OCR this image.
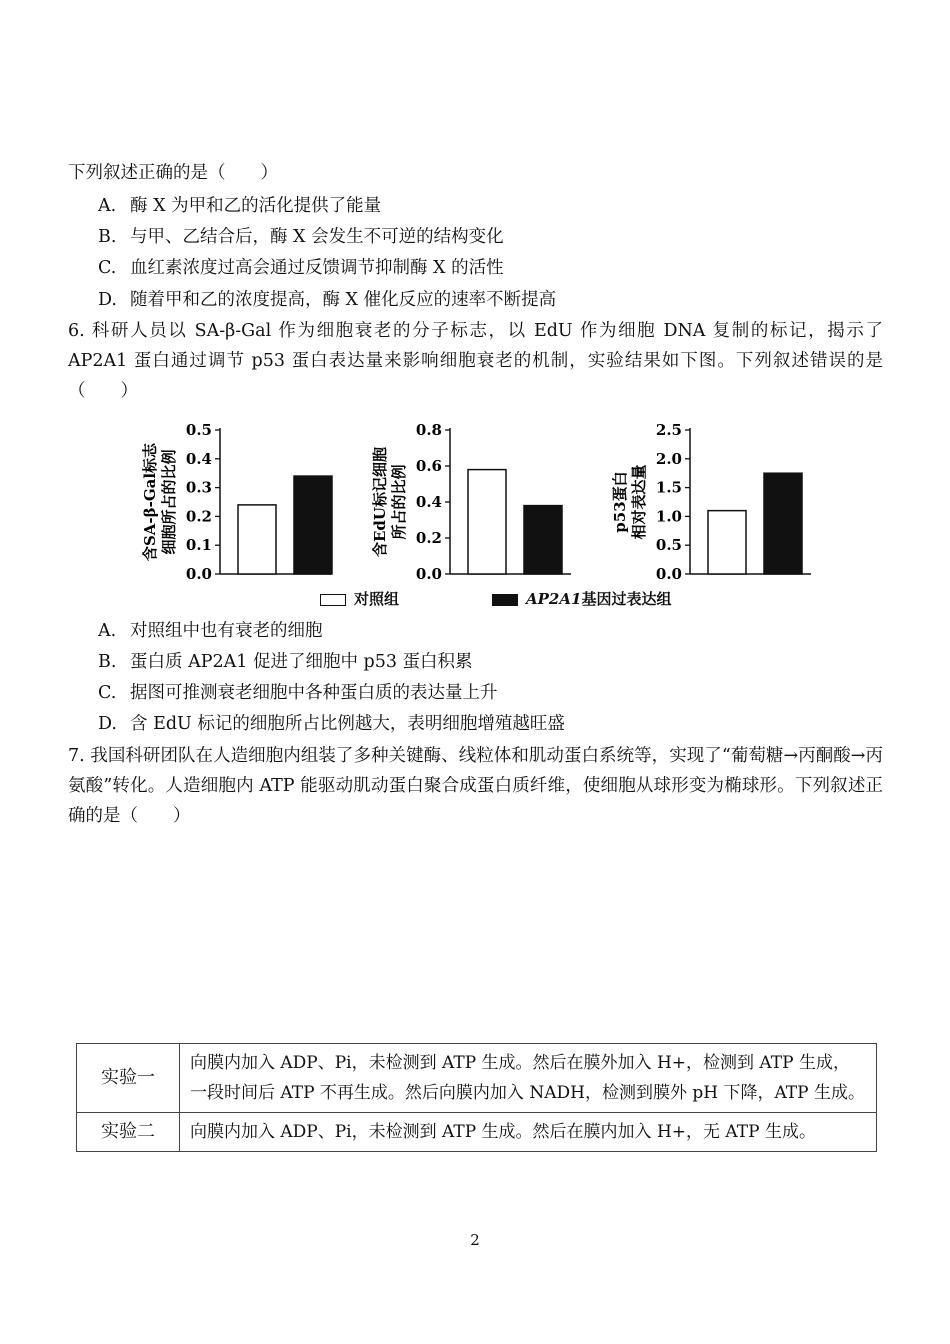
下列叙述正确的是（　　）
A. 酶 X 为甲和乙的活化提供了能量
B. 与甲、乙结合后，酶 X 会发生不可逆的结构变化
C. 血红素浓度过高会通过反馈调节抑制酶 X 的活性
D. 随着甲和乙的浓度提高，酶 X 催化反应的速率不断提高
6. 科研人员以 SA-β-Gal 作为细胞衰老的分子标志，以 EdU 作为细胞 DNA 复制的标记，揭示了 AP2A1 蛋白通过调节 p53 蛋白表达量来影响细胞衰老的机制，实验结果如下图。下列叙述错误的是（　　）
含SA-β-Gal标志 细胞所占的比例
0.0
0.1
0.2
0.3
0.4
0.5
含EdU标记细胞 所占的比例
0.0
0.2
0.4
0.6
0.8
p53蛋白 相对表达量
0.0
0.5
1.0
1.5
2.0
2.5
对照组	AP2A1基因过表达组
A. 对照组中也有衰老的细胞
B. 蛋白质 AP2A1 促进了细胞中 p53 蛋白积累
C. 据图可推测衰老细胞中各种蛋白质的表达量上升
D. 含 EdU 标记的细胞所占比例越大，表明细胞增殖越旺盛
7. 我国科研团队在人造细胞内组装了多种关键酶、线粒体和肌动蛋白系统等，实现了“葡萄糖→丙酮酸→丙氨酸”转化。人造细胞内 ATP 能驱动肌动蛋白聚合成蛋白质纤维，使细胞从球形变为椭球形。下列叙述正确的是（　　）
实验一	向膜内加入 ADP、Pi，未检测到 ATP 生成。然后在膜外加入 H+，检测到 ATP 生成，一段时间后 ATP 不再生成。然后向膜内加入 NADH，检测到膜外 pH 下降，ATP 生成。
实验二	向膜内加入 ADP、Pi，未检测到 ATP 生成。然后在膜内加入 H+，无 ATP 生成。
2
